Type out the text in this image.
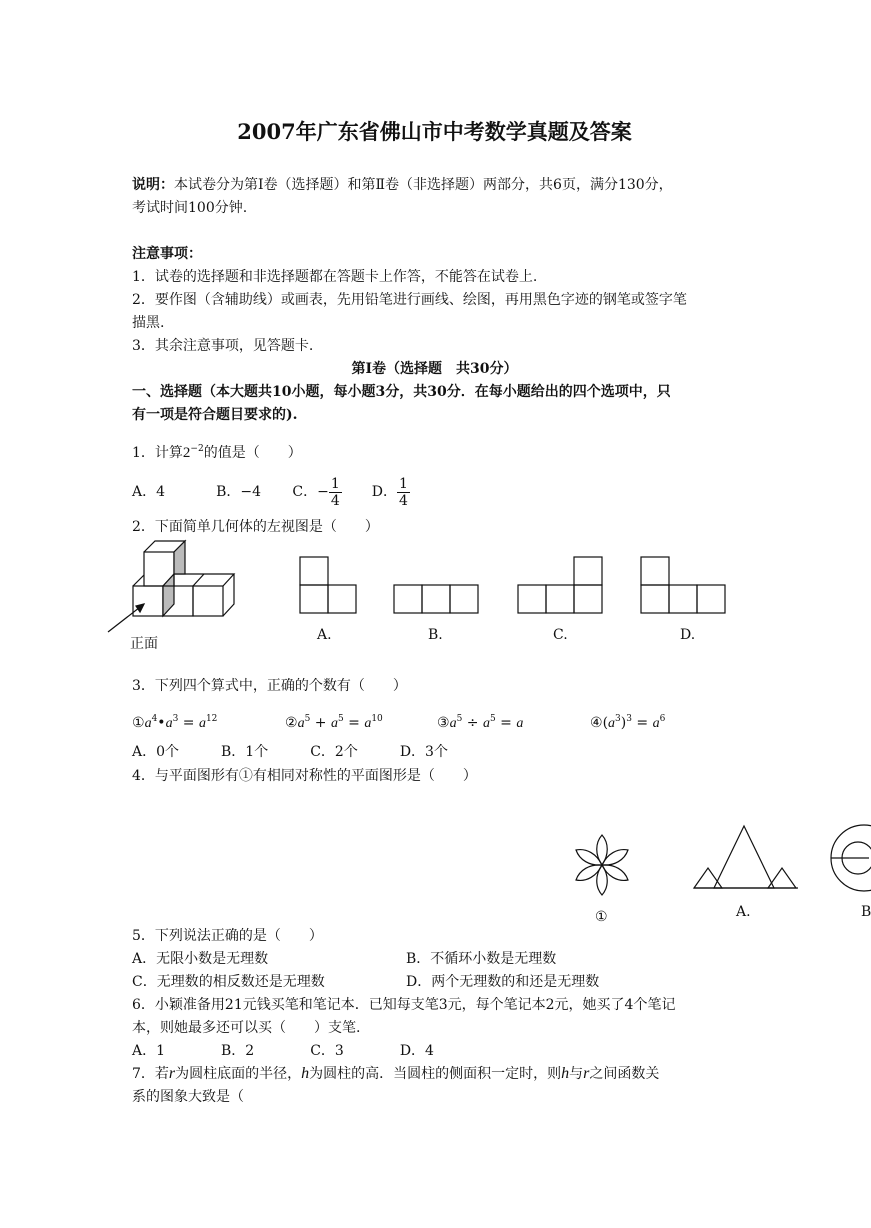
2007年广东省佛山市中考数学真题及答案
说明：本试卷分为第Ⅰ卷（选择题）和第Ⅱ卷（非选择题）两部分，共6页，满分130分，
考试时间100分钟.
注意事项：
1．试卷的选择题和非选择题都在答题卡上作答，不能答在试卷上.
2．要作图（含辅助线）或画表，先用铅笔进行画线、绘图，再用黑色字迹的钢笔或签字笔
描黑.
3．其余注意事项，见答题卡.
第Ⅰ卷（选择题　共30分）
一、选择题（本大题共10小题，每小题3分，共30分．在每小题给出的四个选项中，只
有一项是符合题目要求的).
1．计算$2^{-2}$的值是（　　）
A．4	B．−4 C．− $\frac{1}{4}$ D． $\frac{1}{4}$
2．下面简单几何体的左视图是（　　）
正面
A.	B.	C.	D.
3．下列四个算式中，正确的个数有（　　）
$①a^4•a^3 = a^{12}$	$②a^5 + a^5 = a^{10}$	$③a^5 \div a^5 = a$	$④(a^3)^3 = a^6$
A．0个　　　B．1个　　　C．2个　　　D．3个
4．与平面图形有①有相同对称性的平面图形是（　　）
①	A.	B
5．下列说法正确的是（　　）
A．无限小数是无理数	B．不循环小数是无理数
C．无理数的相反数还是无理数	D．两个无理数的和还是无理数
6．小颖准备用21元钱买笔和笔记本．已知每支笔3元，每个笔记本2元，她买了4个笔记
本，则她最多还可以买（　　）支笔.
A．1　　　　B．2　　　　C．3　　　　D．4
7．若r为圆柱底面的半径，h为圆柱的高．当圆柱的侧面积一定时，则h与r之间函数关
系的图象大致是（
